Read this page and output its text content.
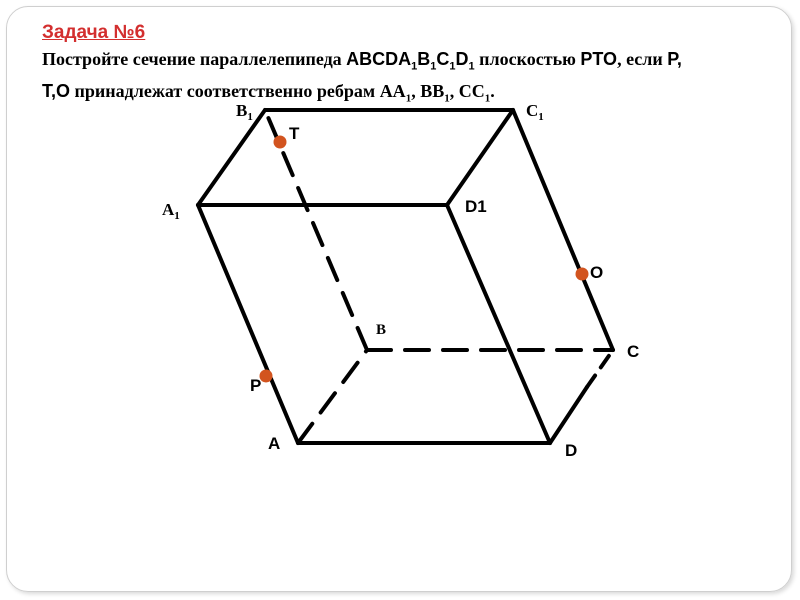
Задача №6
Постройте сечение параллелепипеда $ABCDA_1B_1C_1D_1$ плоскостью PTO, если P,
T,O принадлежат соответственно ребрам $AA_1$, $BB_1$, $CC_1$.
A
B
C
D
D1
$A_1$
$B_1$	$C_1$
T
O
P
